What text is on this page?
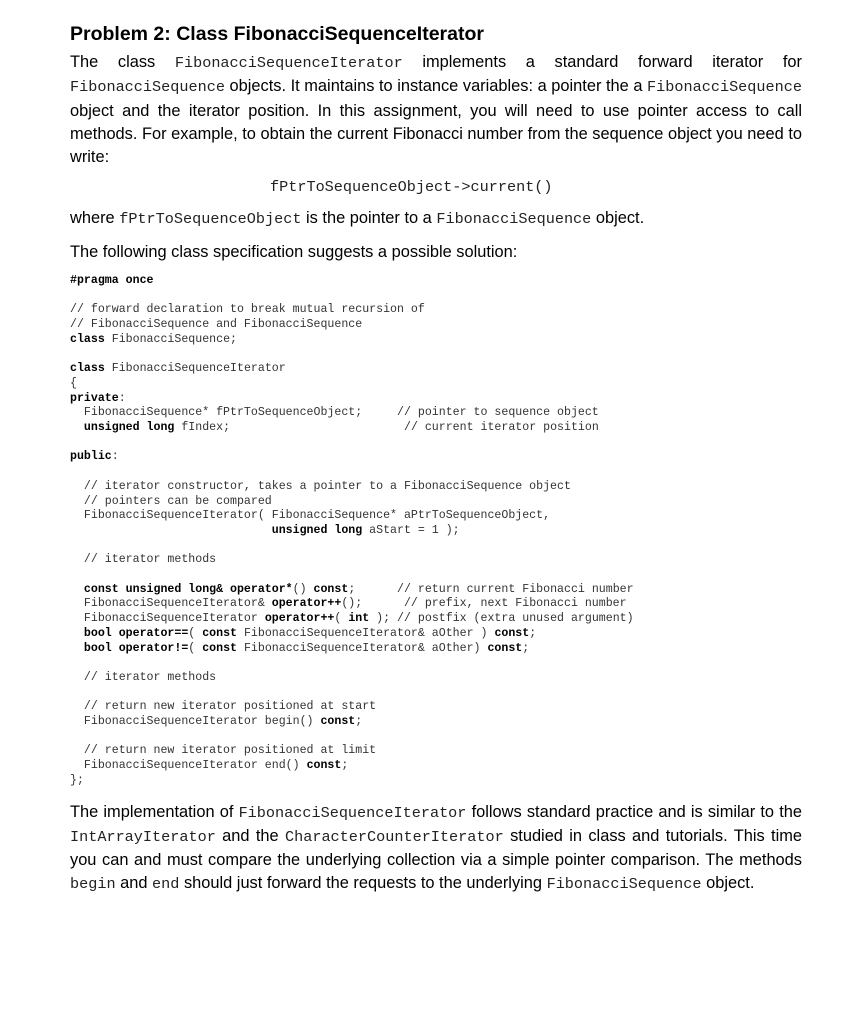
Problem 2: Class FibonacciSequenceIterator

The class FibonacciSequenceIterator implements a standard forward iterator for FibonacciSequence objects. It maintains to instance variables: a pointer the a FibonacciSequence object and the iterator position. In this assignment, you will need to use pointer access to call methods. For example, to obtain the current Fibonacci number from the sequence object you need to write:

fPtrToSequenceObject->current()

where fPtrToSequenceObject is the pointer to a FibonacciSequence object.

The following class specification suggests a possible solution:

#pragma once
// forward declaration to break mutual recursion of
// FibonacciSequence and FibonacciSequence
class FibonacciSequence;
class FibonacciSequenceIterator
{
private:
FibonacciSequence* fPtrToSequenceObject;     // pointer to sequence object
unsigned long fIndex;                         // current iterator position
public:
// iterator constructor, takes a pointer to a FibonacciSequence object
// pointers can be compared
FibonacciSequenceIterator( FibonacciSequence* aPtrToSequenceObject,
unsigned long aStart = 1 );
// iterator methods
const unsigned long& operator*() const;      // return current Fibonacci number
FibonacciSequenceIterator& operator++();      // prefix, next Fibonacci number
FibonacciSequenceIterator operator++( int ); // postfix (extra unused argument)
bool operator==( const FibonacciSequenceIterator& aOther ) const;
bool operator!=( const FibonacciSequenceIterator& aOther) const;
// iterator methods
// return new iterator positioned at start
FibonacciSequenceIterator begin() const;
// return new iterator positioned at limit
FibonacciSequenceIterator end() const;
};

The implementation of FibonacciSequenceIterator follows standard practice and is similar to the IntArrayIterator and the CharacterCounterIterator studied in class and tutorials. This time you can and must compare the underlying collection via a simple pointer comparison. The methods begin and end should just forward the requests to the underlying FibonacciSequence object.
